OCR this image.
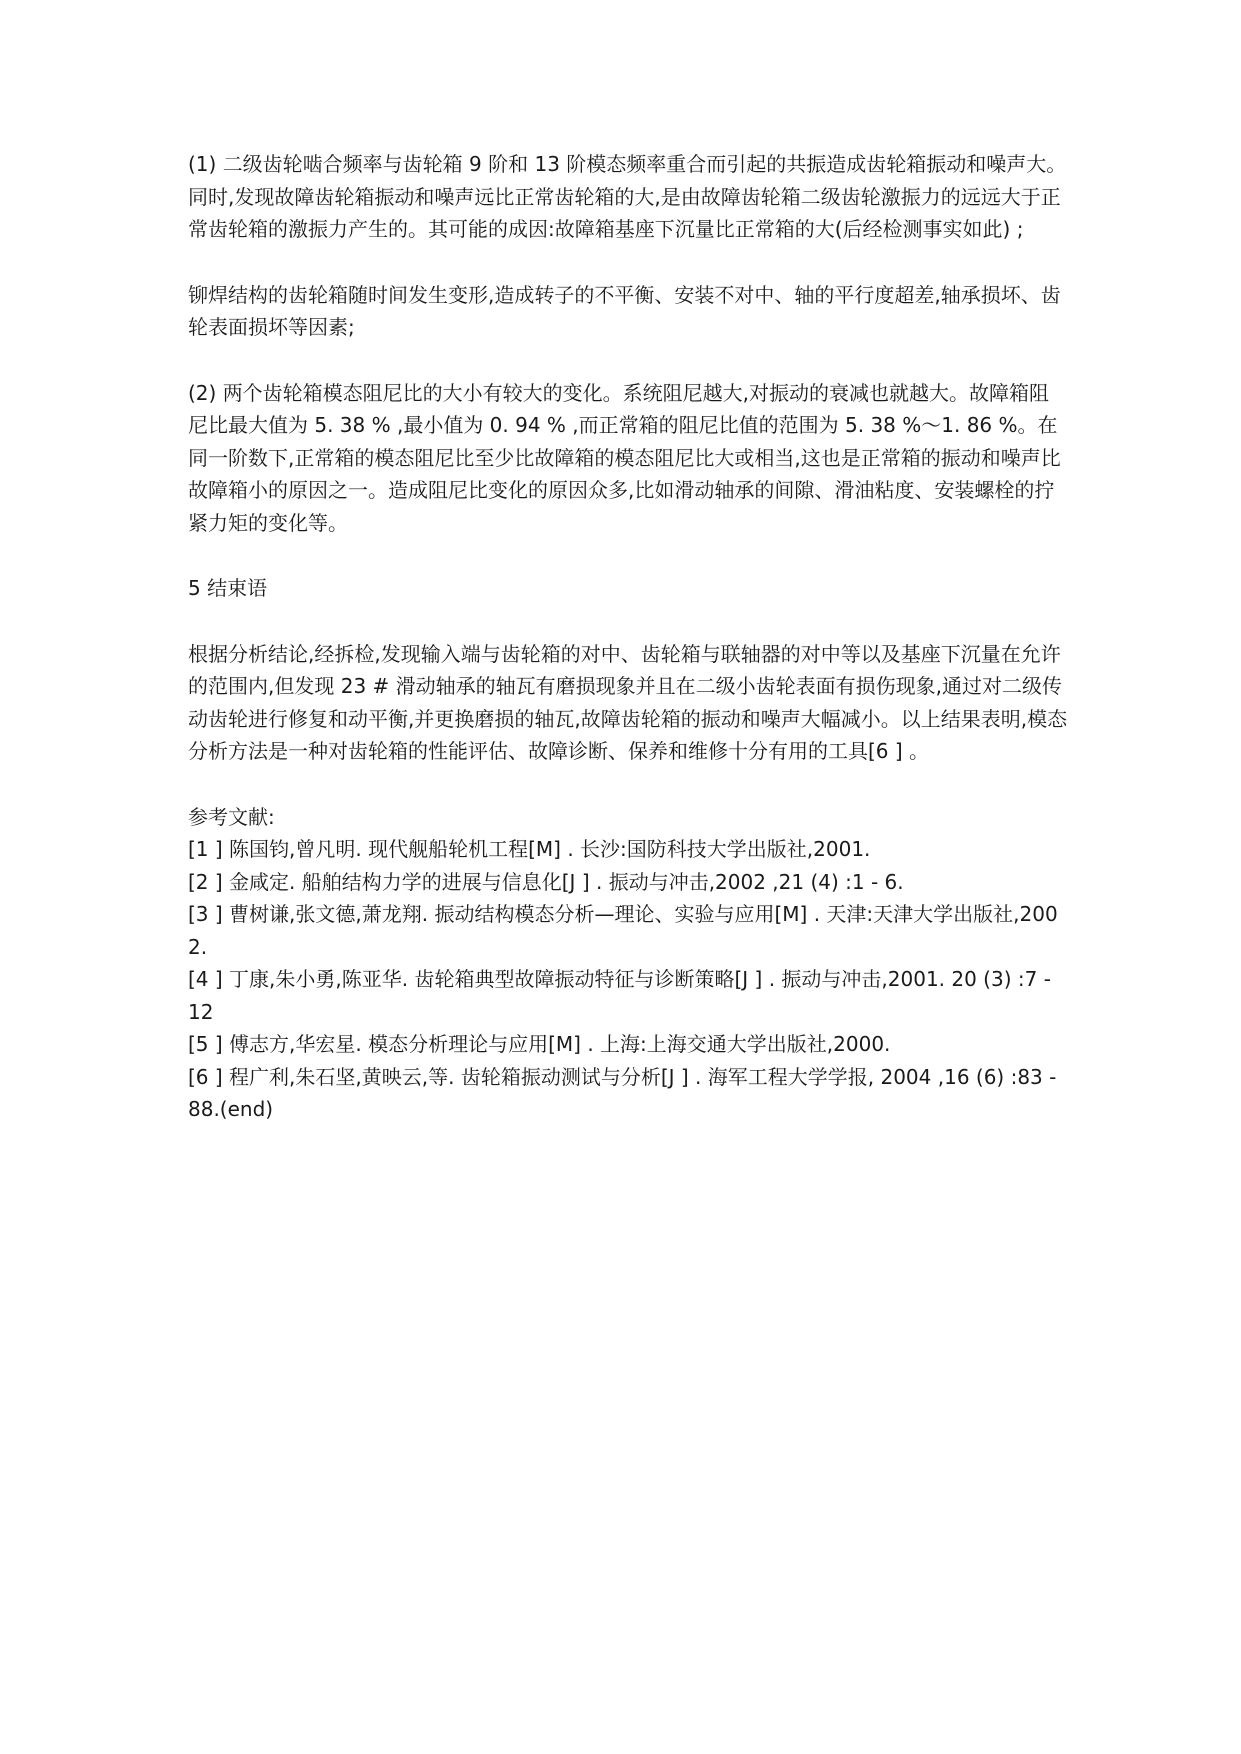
(1) 二级齿轮啮合频率与齿轮箱 9 阶和 13 阶模态频率重合而引起的共振造成齿轮箱振动和噪声大。同时,发现故障齿轮箱振动和噪声远比正常齿轮箱的大,是由故障齿轮箱二级齿轮激振力的远远大于正常齿轮箱的激振力产生的。其可能的成因:故障箱基座下沉量比正常箱的大(后经检测事实如此) ;

铆焊结构的齿轮箱随时间发生变形,造成转子的不平衡、安装不对中、轴的平行度超差,轴承损坏、齿轮表面损坏等因素;

(2) 两个齿轮箱模态阻尼比的大小有较大的变化。系统阻尼越大,对振动的衰减也就越大。故障箱阻尼比最大值为 5. 38 % ,最小值为 0. 94 % ,而正常箱的阻尼比值的范围为 5. 38 %～1. 86 %。在同一阶数下,正常箱的模态阻尼比至少比故障箱的模态阻尼比大或相当,这也是正常箱的振动和噪声比故障箱小的原因之一。造成阻尼比变化的原因众多,比如滑动轴承的间隙、滑油粘度、安装螺栓的拧紧力矩的变化等。

5 结束语

根据分析结论,经拆检,发现输入端与齿轮箱的对中、齿轮箱与联轴器的对中等以及基座下沉量在允许的范围内,但发现 23 # 滑动轴承的轴瓦有磨损现象并且在二级小齿轮表面有损伤现象,通过对二级传动齿轮进行修复和动平衡,并更换磨损的轴瓦,故障齿轮箱的振动和噪声大幅减小。以上结果表明,模态分析方法是一种对齿轮箱的性能评估、故障诊断、保养和维修十分有用的工具[6 ] 。

参考文献:

[1 ] 陈国钧,曾凡明. 现代舰船轮机工程[M] . 长沙:国防科技大学出版社,2001.

[2 ] 金咸定. 船舶结构力学的进展与信息化[J ] . 振动与冲击,2002 ,21 (4) :1 - 6.

[3 ] 曹树谦,张文德,萧龙翔. 振动结构模态分析—理论、实验与应用[M] . 天津:天津大学出版社,2002.

[4 ] 丁康,朱小勇,陈亚华. 齿轮箱典型故障振动特征与诊断策略[J ] . 振动与冲击,2001. 20 (3) :7 - 12

[5 ] 傅志方,华宏星. 模态分析理论与应用[M] . 上海:上海交通大学出版社,2000.

[6 ] 程广利,朱石坚,黄映云,等. 齿轮箱振动测试与分析[J ] . 海军工程大学学报, 2004 ,16 (6) :83 - 88.(end)
